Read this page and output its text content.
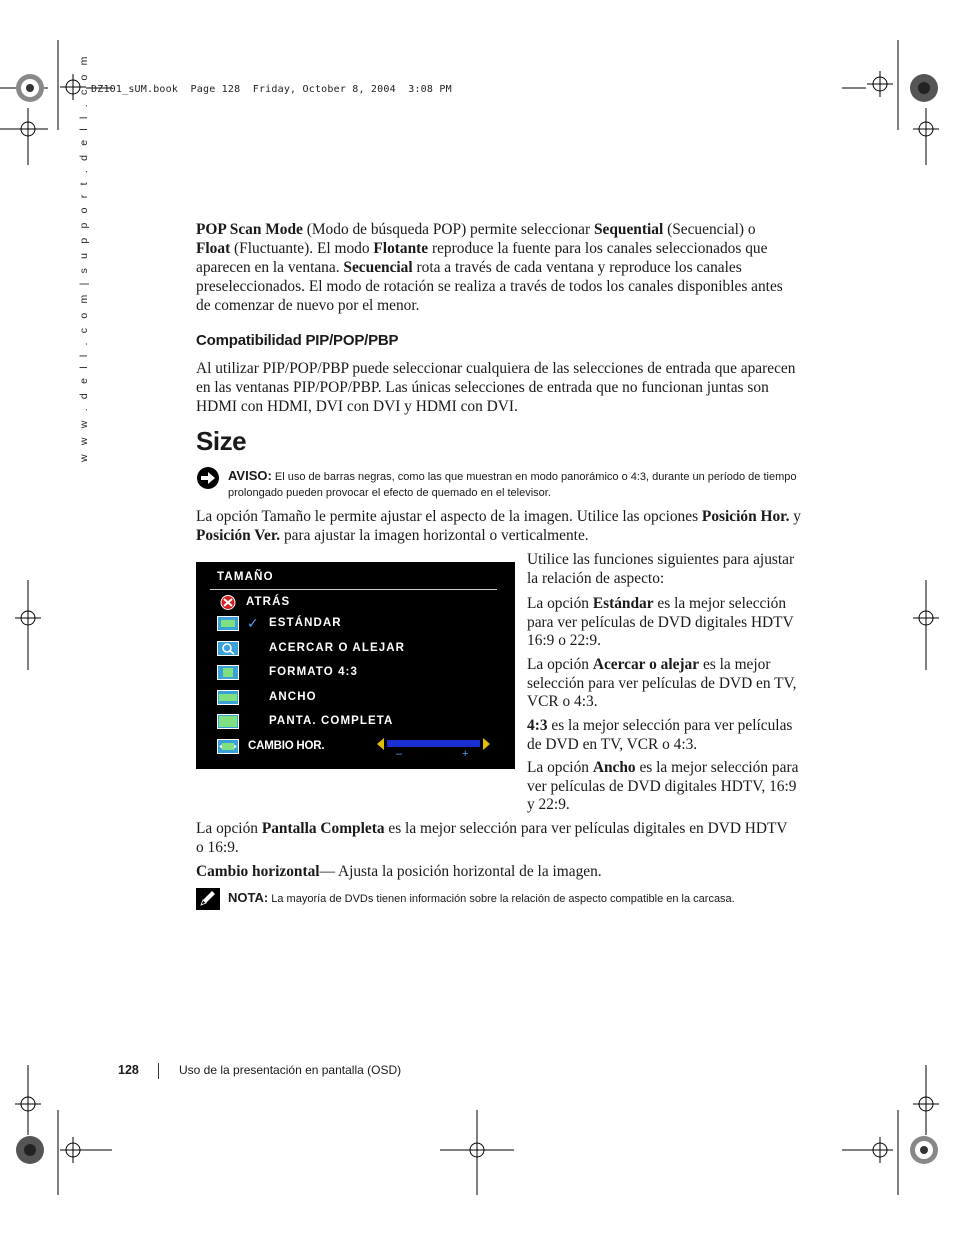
DZ101_sUM.book  Page 128  Friday, October 8, 2004  3:08 PM
w w w . d e l l . c o m | s u p p o r t . d e l l . c o m	POP Scan Mode (Modo de búsqueda POP) permite seleccionar Sequential (Secuencial) o Float (Fluctuante). El modo Flotante reproduce la fuente para los canales seleccionados que aparecen en la ventana. Secuencial rota a través de cada ventana y reproduce los canales preseleccionados. El modo de rotación se realiza a través de todos los canales disponibles antes de comenzar de nuevo por el menor.
Compatibilidad PIP/POP/PBP
Al utilizar PIP/POP/PBP puede seleccionar cualquiera de las selecciones de entrada que aparecen en las ventanas PIP/POP/PBP. Las únicas selecciones de entrada que no funcionan juntas son HDMI con HDMI, DVI con DVI y HDMI con DVI.
Size
AVISO: El uso de barras negras, como las que muestran en modo panorámico o 4:3, durante un período de tiempo prolongado pueden provocar el efecto de quemado en el televisor.
La opción Tamaño le permite ajustar el aspecto de la imagen. Utilice las opciones Posición Hor. y Posición Ver. para ajustar la imagen horizontal o verticalmente.
TAMAÑO
ATRÁS
✓ ESTÁNDAR
ACERCAR O ALEJAR
FORMATO 4:3
ANCHO
PANTA. COMPLETA
CAMBIO HOR.
–	+
Utilice las funciones siguientes para ajustar la relación de aspecto:
La opción Estándar es la mejor selección para ver películas de DVD digitales HDTV 16:9 o 22:9.
La opción Acercar o alejar es la mejor selección para ver películas de DVD en TV, VCR o 4:3.
4:3 es la mejor selección para ver películas de DVD en TV, VCR o 4:3.
La opción Ancho es la mejor selección para ver películas de DVD digitales HDTV, 16:9 y 22:9.
La opción Pantalla Completa es la mejor selección para ver películas digitales en DVD HDTV o 16:9.
Cambio horizontal— Ajusta la posición horizontal de la imagen.
NOTA: La mayoría de DVDs tienen información sobre la relación de aspecto compatible en la carcasa.
128	Uso de la presentación en pantalla (OSD)
